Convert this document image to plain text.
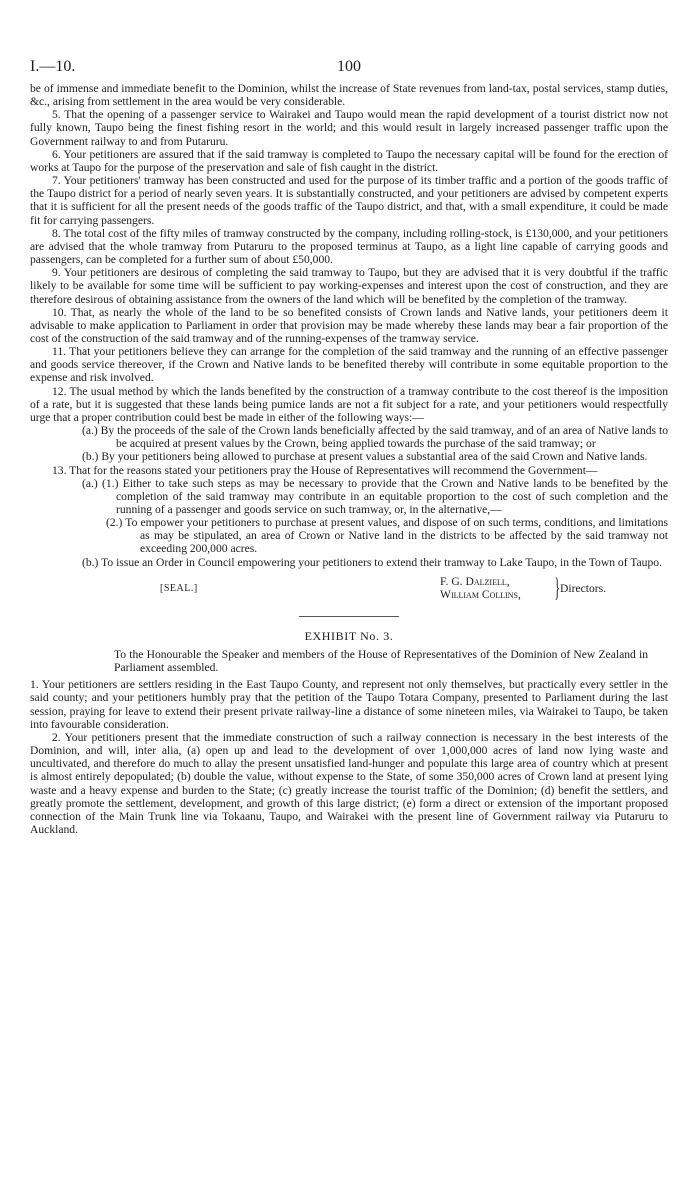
I.—10.	100

be of immense and immediate benefit to the Dominion, whilst the increase of State revenues from land-tax, postal services, stamp duties, &c., arising from settlement in the area would be very considerable.

5. That the opening of a passenger service to Wairakei and Taupo would mean the rapid development of a tourist district now not fully known, Taupo being the finest fishing resort in the world; and this would result in largely increased passenger traffic upon the Government railway to and from Putaruru.

6. Your petitioners are assured that if the said tramway is completed to Taupo the necessary capital will be found for the erection of works at Taupo for the purpose of the preservation and sale of fish caught in the district.

7. Your petitioners' tramway has been constructed and used for the purpose of its timber traffic and a portion of the goods traffic of the Taupo district for a period of nearly seven years. It is substantially constructed, and your petitioners are advised by competent experts that it is sufficient for all the present needs of the goods traffic of the Taupo district, and that, with a small expenditure, it could be made fit for carrying passengers.

8. The total cost of the fifty miles of tramway constructed by the company, including rolling-stock, is £130,000, and your petitioners are advised that the whole tramway from Putaruru to the proposed terminus at Taupo, as a light line capable of carrying goods and passengers, can be completed for a further sum of about £50,000.

9. Your petitioners are desirous of completing the said tramway to Taupo, but they are advised that it is very doubtful if the traffic likely to be available for some time will be sufficient to pay working-expenses and interest upon the cost of construction, and they are therefore desirous of obtaining assistance from the owners of the land which will be benefited by the completion of the tramway.

10. That, as nearly the whole of the land to be so benefited consists of Crown lands and Native lands, your petitioners deem it advisable to make application to Parliament in order that provision may be made whereby these lands may bear a fair proportion of the cost of the construction of the said tramway and of the running-expenses of the tramway service.

11. That your petitioners believe they can arrange for the completion of the said tramway and the running of an effective passenger and goods service thereover, if the Crown and Native lands to be benefited thereby will contribute in some equitable proportion to the expense and risk involved.

12. The usual method by which the lands benefited by the construction of a tramway contribute to the cost thereof is the imposition of a rate, but it is suggested that these lands being pumice lands are not a fit subject for a rate, and your petitioners would respectfully urge that a proper contribution could best be made in either of the following ways:—

(a.) By the proceeds of the sale of the Crown lands beneficially affected by the said tramway, and of an area of Native lands to be acquired at present values by the Crown, being applied towards the purchase of the said tramway; or

(b.) By your petitioners being allowed to purchase at present values a substantial area of the said Crown and Native lands.

13. That for the reasons stated your petitioners pray the House of Representatives will recommend the Government—

(a.) (1.) Either to take such steps as may be necessary to provide that the Crown and Native lands to be benefited by the completion of the said tramway may contribute in an equitable proportion to the cost of such completion and the running of a passenger and goods service on such tramway, or, in the alternative,—

(2.) To empower your petitioners to purchase at present values, and dispose of on such terms, conditions, and limitations as may be stipulated, an area of Crown or Native land in the districts to be affected by the said tramway not exceeding 200,000 acres.

(b.) To issue an Order in Council empowering your petitioners to extend their tramway to Lake Taupo, in the Town of Taupo.

[SEAL.]
F. G. Dalziell,
William Collins, } Directors.

EXHIBIT No. 3.

To the Honourable the Speaker and members of the House of Representatives of the Dominion of New Zealand in Parliament assembled.

1. Your petitioners are settlers residing in the East Taupo County, and represent not only themselves, but practically every settler in the said county; and your petitioners humbly pray that the petition of the Taupo Totara Company, presented to Parliament during the last session, praying for leave to extend their present private railway-line a distance of some nineteen miles, via Wairakei to Taupo, be taken into favourable consideration.

2. Your petitioners present that the immediate construction of such a railway connection is necessary in the best interests of the Dominion, and will, inter alia, (a) open up and lead to the development of over 1,000,000 acres of land now lying waste and uncultivated, and therefore do much to allay the present unsatisfied land-hunger and populate this large area of country which at present is almost entirely depopulated; (b) double the value, without expense to the State, of some 350,000 acres of Crown land at present lying waste and a heavy expense and burden to the State; (c) greatly increase the tourist traffic of the Dominion; (d) benefit the settlers, and greatly promote the settlement, development, and growth of this large district; (e) form a direct or extension of the important proposed connection of the Main Trunk line via Tokaanu, Taupo, and Wairakei with the present line of Government railway via Putaruru to Auckland.
